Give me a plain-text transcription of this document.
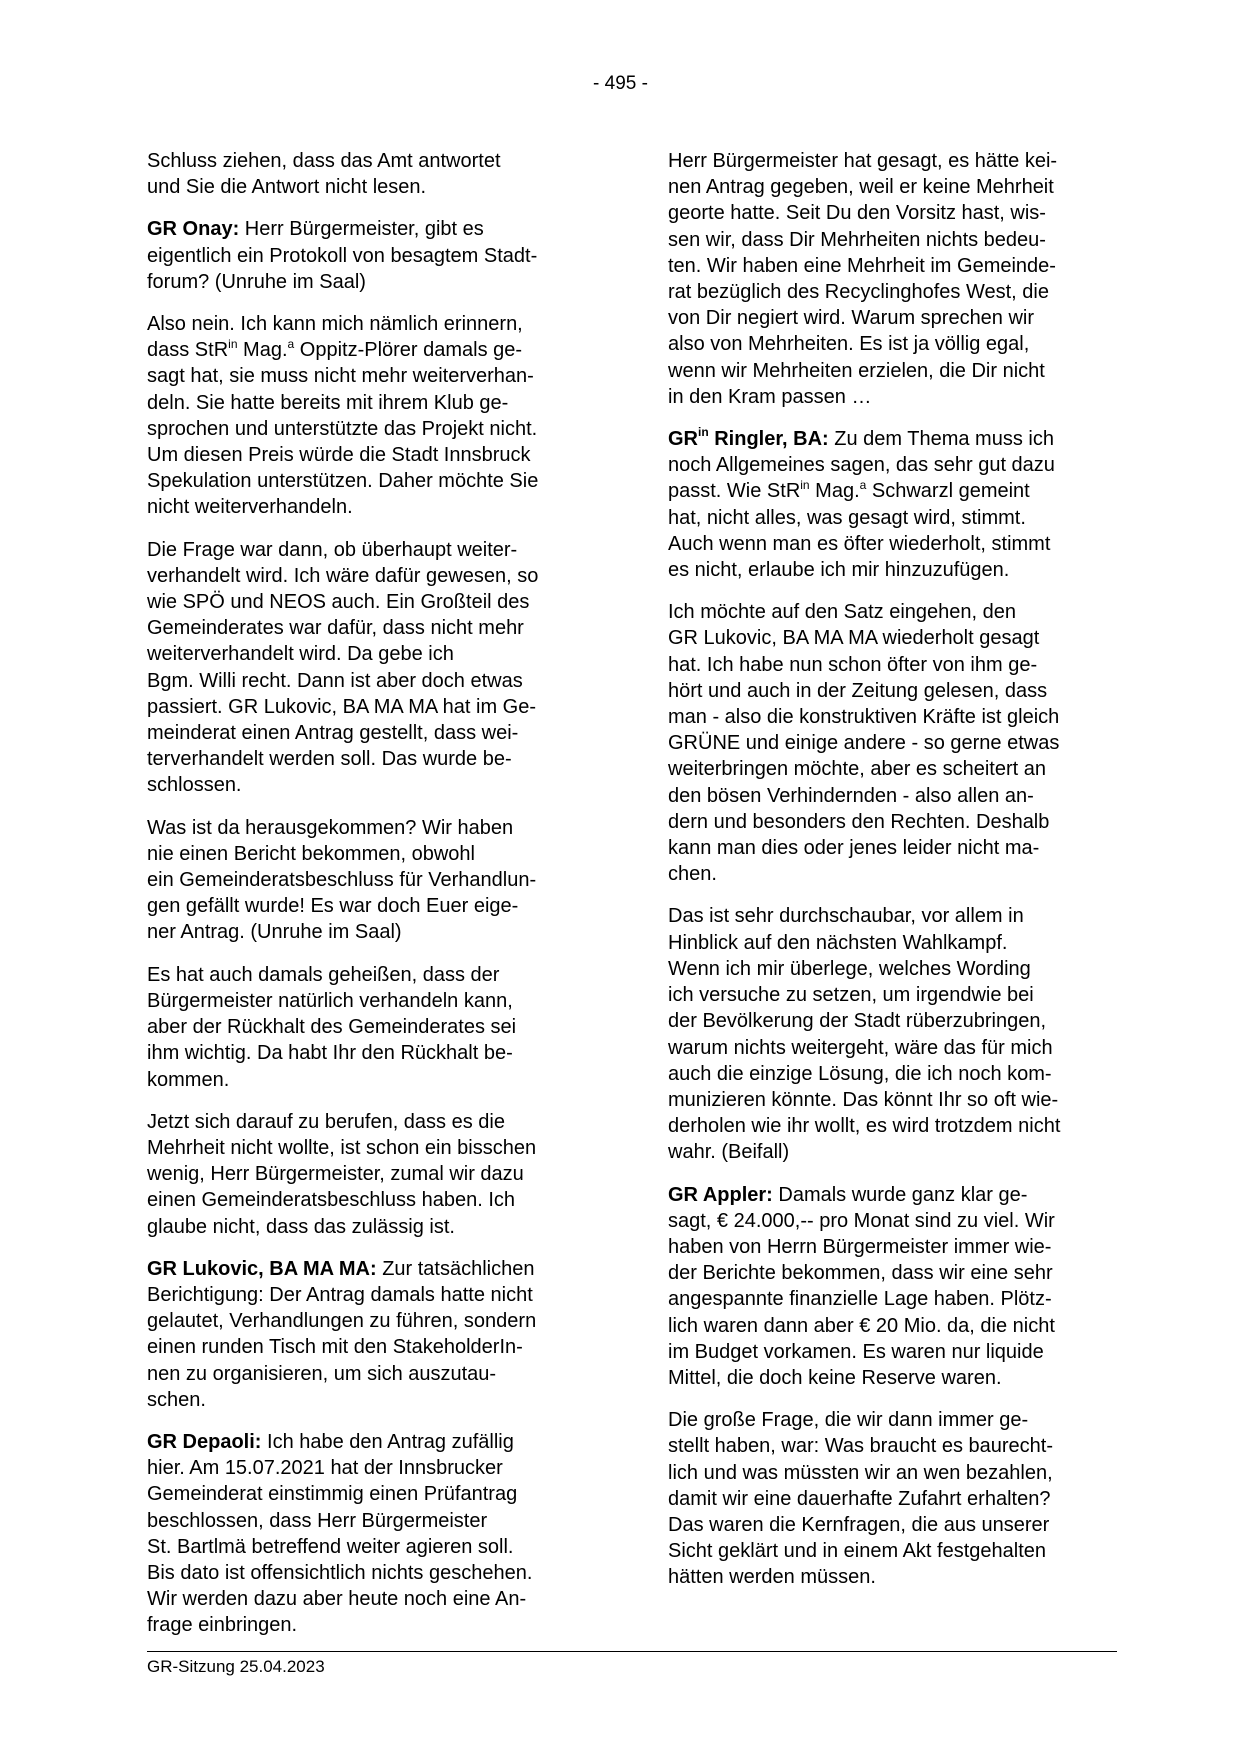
- 495 -

Schluss ziehen, dass das Amt antwortet
und Sie die Antwort nicht lesen.

GR Onay: Herr Bürgermeister, gibt es
eigentlich ein Protokoll von besagtem Stadt-
forum? (Unruhe im Saal)

Also nein. Ich kann mich nämlich erinnern,
dass StR$^{in}$ Mag.$^a$ Oppitz-Plörer damals ge-
sagt hat, sie muss nicht mehr weiterverhan-
deln. Sie hatte bereits mit ihrem Klub ge-
sprochen und unterstützte das Projekt nicht.
Um diesen Preis würde die Stadt Innsbruck
Spekulation unterstützen. Daher möchte Sie
nicht weiterverhandeln.

Die Frage war dann, ob überhaupt weiter-
verhandelt wird. Ich wäre dafür gewesen, so
wie SPÖ und NEOS auch. Ein Großteil des
Gemeinderates war dafür, dass nicht mehr
weiterverhandelt wird. Da gebe ich
Bgm. Willi recht. Dann ist aber doch etwas
passiert. GR Lukovic, BA MA MA hat im Ge-
meinderat einen Antrag gestellt, dass wei-
terverhandelt werden soll. Das wurde be-
schlossen.

Was ist da herausgekommen? Wir haben
nie einen Bericht bekommen, obwohl
ein Gemeinderatsbeschluss für Verhandlun-
gen gefällt wurde! Es war doch Euer eige-
ner Antrag. (Unruhe im Saal)

Es hat auch damals geheißen, dass der
Bürgermeister natürlich verhandeln kann,
aber der Rückhalt des Gemeinderates sei
ihm wichtig. Da habt Ihr den Rückhalt be-
kommen.

Jetzt sich darauf zu berufen, dass es die
Mehrheit nicht wollte, ist schon ein bisschen
wenig, Herr Bürgermeister, zumal wir dazu
einen Gemeinderatsbeschluss haben. Ich
glaube nicht, dass das zulässig ist.

GR Lukovic, BA MA MA: Zur tatsächlichen
Berichtigung: Der Antrag damals hatte nicht
gelautet, Verhandlungen zu führen, sondern
einen runden Tisch mit den StakeholderIn-
nen zu organisieren, um sich auszutau-
schen.

GR Depaoli: Ich habe den Antrag zufällig
hier. Am 15.07.2021 hat der Innsbrucker
Gemeinderat einstimmig einen Prüfantrag
beschlossen, dass Herr Bürgermeister
St. Bartlmä betreffend weiter agieren soll.
Bis dato ist offensichtlich nichts geschehen.
Wir werden dazu aber heute noch eine An-
frage einbringen.

Herr Bürgermeister hat gesagt, es hätte kei-
nen Antrag gegeben, weil er keine Mehrheit
georte hatte. Seit Du den Vorsitz hast, wis-
sen wir, dass Dir Mehrheiten nichts bedeu-
ten. Wir haben eine Mehrheit im Gemeinde-
rat bezüglich des Recyclinghofes West, die
von Dir negiert wird. Warum sprechen wir
also von Mehrheiten. Es ist ja völlig egal,
wenn wir Mehrheiten erzielen, die Dir nicht
in den Kram passen …

$GR^{in}$ Ringler, BA: Zu dem Thema muss ich
noch Allgemeines sagen, das sehr gut dazu
passt. Wie StR$^{in}$ Mag.$^a$ Schwarzl gemeint
hat, nicht alles, was gesagt wird, stimmt.
Auch wenn man es öfter wiederholt, stimmt
es nicht, erlaube ich mir hinzuzufügen.

Ich möchte auf den Satz eingehen, den
GR Lukovic, BA MA MA wiederholt gesagt
hat. Ich habe nun schon öfter von ihm ge-
hört und auch in der Zeitung gelesen, dass
man - also die konstruktiven Kräfte ist gleich
GRÜNE und einige andere - so gerne etwas
weiterbringen möchte, aber es scheitert an
den bösen Verhindernden - also allen an-
dern und besonders den Rechten. Deshalb
kann man dies oder jenes leider nicht ma-
chen.

Das ist sehr durchschaubar, vor allem in
Hinblick auf den nächsten Wahlkampf.
Wenn ich mir überlege, welches Wording
ich versuche zu setzen, um irgendwie bei
der Bevölkerung der Stadt rüberzubringen,
warum nichts weitergeht, wäre das für mich
auch die einzige Lösung, die ich noch kom-
munizieren könnte. Das könnt Ihr so oft wie-
derholen wie ihr wollt, es wird trotzdem nicht
wahr. (Beifall)

GR Appler: Damals wurde ganz klar ge-
sagt, € 24.000,-- pro Monat sind zu viel. Wir
haben von Herrn Bürgermeister immer wie-
der Berichte bekommen, dass wir eine sehr
angespannte finanzielle Lage haben. Plötz-
lich waren dann aber € 20 Mio. da, die nicht
im Budget vorkamen. Es waren nur liquide
Mittel, die doch keine Reserve waren.

Die große Frage, die wir dann immer ge-
stellt haben, war: Was braucht es baurecht-
lich und was müssten wir an wen bezahlen,
damit wir eine dauerhafte Zufahrt erhalten?
Das waren die Kernfragen, die aus unserer
Sicht geklärt und in einem Akt festgehalten
hätten werden müssen.

GR-Sitzung 25.04.2023
